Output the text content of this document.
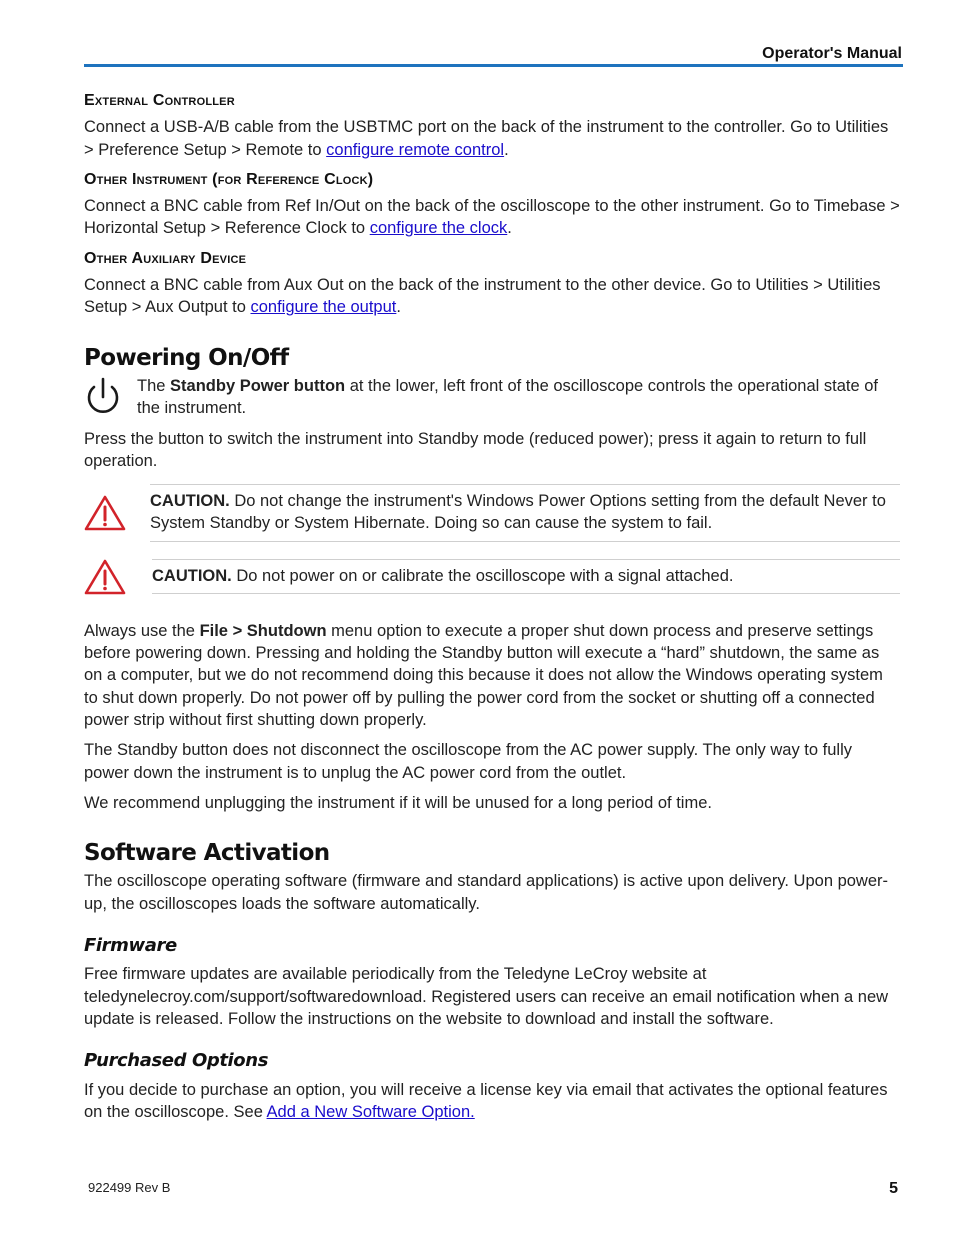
Operator's Manual
External Controller

Connect a USB-A/B cable from the USBTMC port on the back of the instrument to the controller. Go to Utilities > Preference Setup > Remote to configure remote control.

Other Instrument (for Reference Clock)

Connect a BNC cable from Ref In/Out on the back of the oscilloscope to the other instrument. Go to Timebase > Horizontal Setup > Reference Clock to configure the clock.

Other Auxiliary Device

Connect a BNC cable from Aux Out on the back of the instrument to the other device. Go to Utilities > Utilities Setup > Aux Output to configure the output.

Powering On/Off
The Standby Power button at the lower, left front of the oscilloscope controls the operational state of the instrument.

Press the button to switch the instrument into Standby mode (reduced power); press it again to return to full operation.

CAUTION. Do not change the instrument's Windows Power Options setting from the default Never to System Standby or System Hibernate. Doing so can cause the system to fail.
CAUTION. Do not power on or calibrate the oscilloscope with a signal attached.

Always use the File > Shutdown menu option to execute a proper shut down process and preserve settings before powering down. Pressing and holding the Standby button will execute a “hard” shutdown, the same as on a computer, but we do not recommend doing this because it does not allow the Windows operating system to shut down properly. Do not power off by pulling the power cord from the socket or shutting off a connected power strip without first shutting down properly.

The Standby button does not disconnect the oscilloscope from the AC power supply. The only way to fully power down the instrument is to unplug the AC power cord from the outlet.

We recommend unplugging the instrument if it will be unused for a long period of time.

Software Activation

The oscilloscope operating software (firmware and standard applications) is active upon delivery. Upon power-up, the oscilloscopes loads the software automatically.

Firmware

Free firmware updates are available periodically from the Teledyne LeCroy website at teledynelecroy.com/support/softwaredownload. Registered users can receive an email notification when a new update is released. Follow the instructions on the website to download and install the software.

Purchased Options

If you decide to purchase an option, you will receive a license key via email that activates the optional features on the oscilloscope. See Add a New Software Option.

922499 Rev B	5
